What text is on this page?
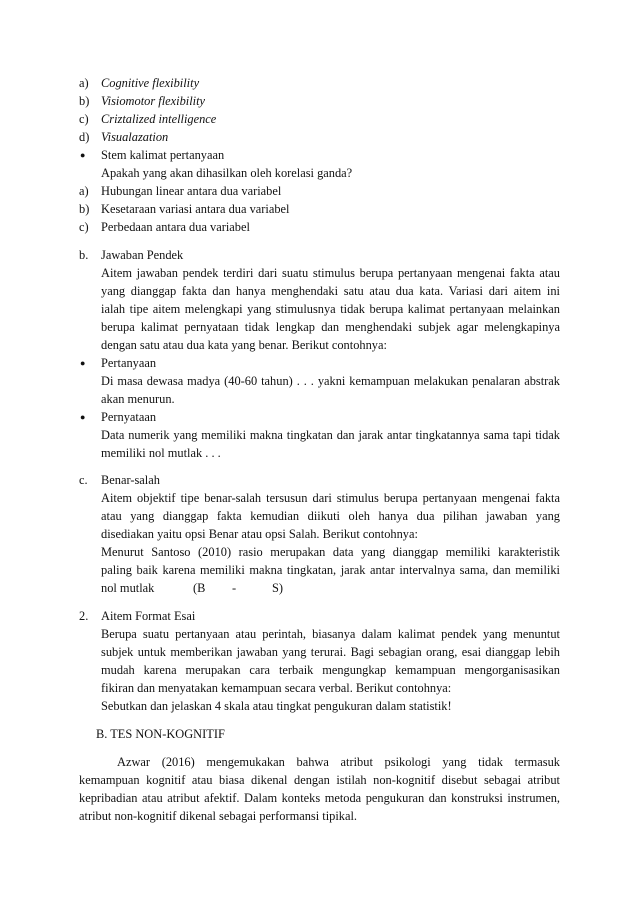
a) Cognitive flexibility
b) Visiomotor flexibility
c) Criztalized intelligence
d) Visualazation
● Stem kalimat pertanyaan
Apakah yang akan dihasilkan oleh korelasi ganda?
a) Hubungan linear antara dua variabel
b) Kesetaraan variasi antara dua variabel
c) Perbedaan antara dua variabel
b. Jawaban Pendek
Aitem jawaban pendek terdiri dari suatu stimulus berupa pertanyaan mengenai fakta atau
yang dianggap fakta dan hanya menghendaki satu atau dua kata. Variasi dari aitem ini
ialah tipe aitem melengkapi yang stimulusnya tidak berupa kalimat pertanyaan melainkan
berupa kalimat pernyataan tidak lengkap dan menghendaki subjek agar melengkapinya
dengan satu atau dua kata yang benar. Berikut contohnya:
● Pertanyaan
Di masa dewasa madya (40-60 tahun) . . . yakni kemampuan melakukan penalaran abstrak
akan menurun.
● Pernyataan
Data numerik yang memiliki makna tingkatan dan jarak antar tingkatannya sama tapi tidak
memiliki nol mutlak . . .
c. Benar-salah
Aitem objektif tipe benar-salah tersusun dari stimulus berupa pertanyaan mengenai fakta
atau yang dianggap fakta kemudian diikuti oleh hanya dua pilihan jawaban yang
disediakan yaitu opsi Benar atau opsi Salah. Berikut contohnya:
Menurut Santoso (2010) rasio merupakan data yang dianggap memiliki karakteristik
paling baik karena memiliki makna tingkatan, jarak antar intervalnya sama, dan memiliki
nol mutlak	(B -	S)
2. Aitem Format Esai
Berupa suatu pertanyaan atau perintah, biasanya dalam kalimat pendek yang menuntut
subjek untuk memberikan jawaban yang terurai. Bagi sebagian orang, esai dianggap lebih
mudah karena merupakan cara terbaik mengungkap kemampuan mengorganisasikan
fikiran dan menyatakan kemampuan secara verbal. Berikut contohnya:
Sebutkan dan jelaskan 4 skala atau tingkat pengukuran dalam statistik!
B. TES NON-KOGNITIF
Azwar (2016) mengemukakan bahwa atribut psikologi yang tidak termasuk
kemampuan kognitif atau biasa dikenal dengan istilah non-kognitif disebut sebagai atribut
kepribadian atau atribut afektif. Dalam konteks metoda pengukuran dan konstruksi instrumen,
atribut non-kognitif dikenal sebagai performansi tipikal.
